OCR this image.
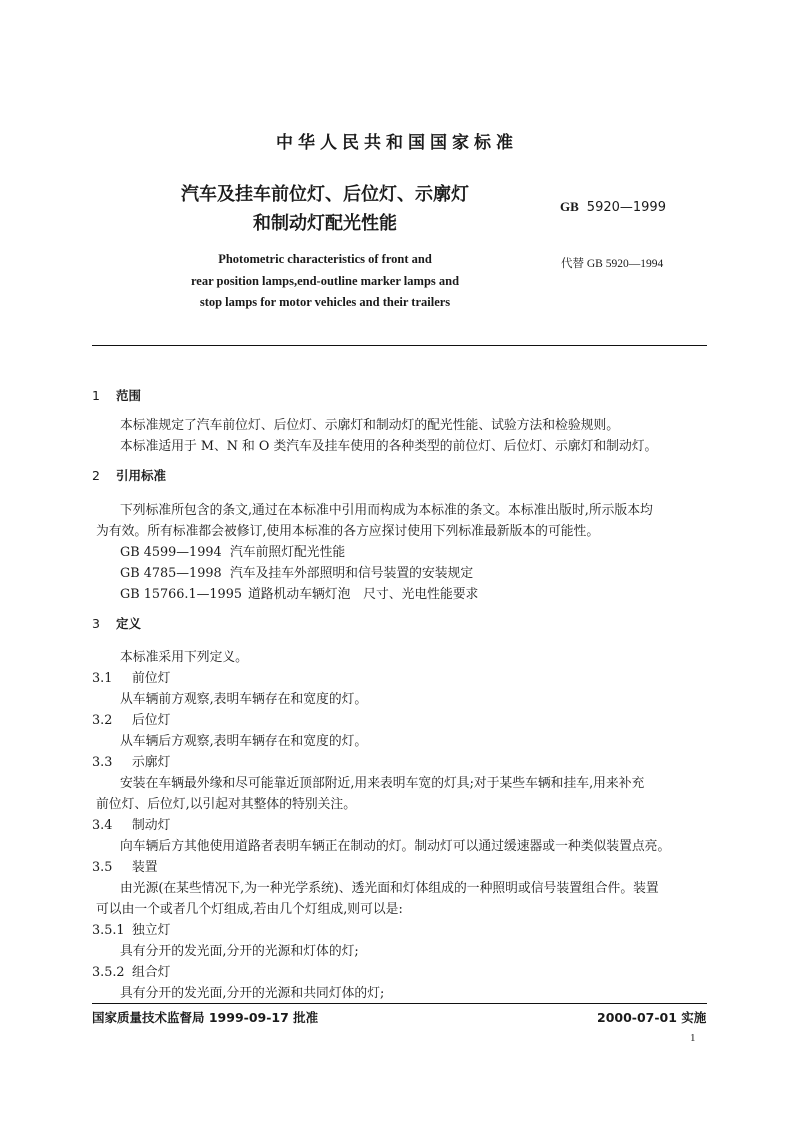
中华人民共和国国家标准
汽车及挂车前位灯、后位灯、示廓灯
和制动灯配光性能
GB 5920—1999
Photometric characteristics of front and
rear position lamps,end-outline marker lamps and
stop lamps for motor vehicles and their trailers
代替 GB 5920—1994
1 范围
本标准规定了汽车前位灯、后位灯、示廓灯和制动灯的配光性能、试验方法和检验规则。
本标准适用于 M、N 和 O 类汽车及挂车使用的各种类型的前位灯、后位灯、示廓灯和制动灯。
2 引用标准
下列标准所包含的条文,通过在本标准中引用而构成为本标准的条文。本标准出版时,所示版本均
为有效。所有标准都会被修订,使用本标准的各方应探讨使用下列标准最新版本的可能性。
GB 4599—1994 汽车前照灯配光性能
GB 4785—1998 汽车及挂车外部照明和信号装置的安装规定
GB 15766.1—1995 道路机动车辆灯泡　尺寸、光电性能要求
3 定义
本标准采用下列定义。
3.1 前位灯
从车辆前方观察,表明车辆存在和宽度的灯。
3.2 后位灯
从车辆后方观察,表明车辆存在和宽度的灯。
3.3 示廓灯
安装在车辆最外缘和尽可能靠近顶部附近,用来表明车宽的灯具;对于某些车辆和挂车,用来补充
前位灯、后位灯,以引起对其整体的特别关注。
3.4 制动灯
向车辆后方其他使用道路者表明车辆正在制动的灯。制动灯可以通过缓速器或一种类似装置点亮。
3.5 装置
由光源(在某些情况下,为一种光学系统)、透光面和灯体组成的一种照明或信号装置组合件。装置
可以由一个或者几个灯组成,若由几个灯组成,则可以是:
3.5.1 独立灯
具有分开的发光面,分开的光源和灯体的灯;
3.5.2 组合灯
具有分开的发光面,分开的光源和共同灯体的灯;
国家质量技术监督局 1999-09-17 批准	2000-07-01 实施
1
